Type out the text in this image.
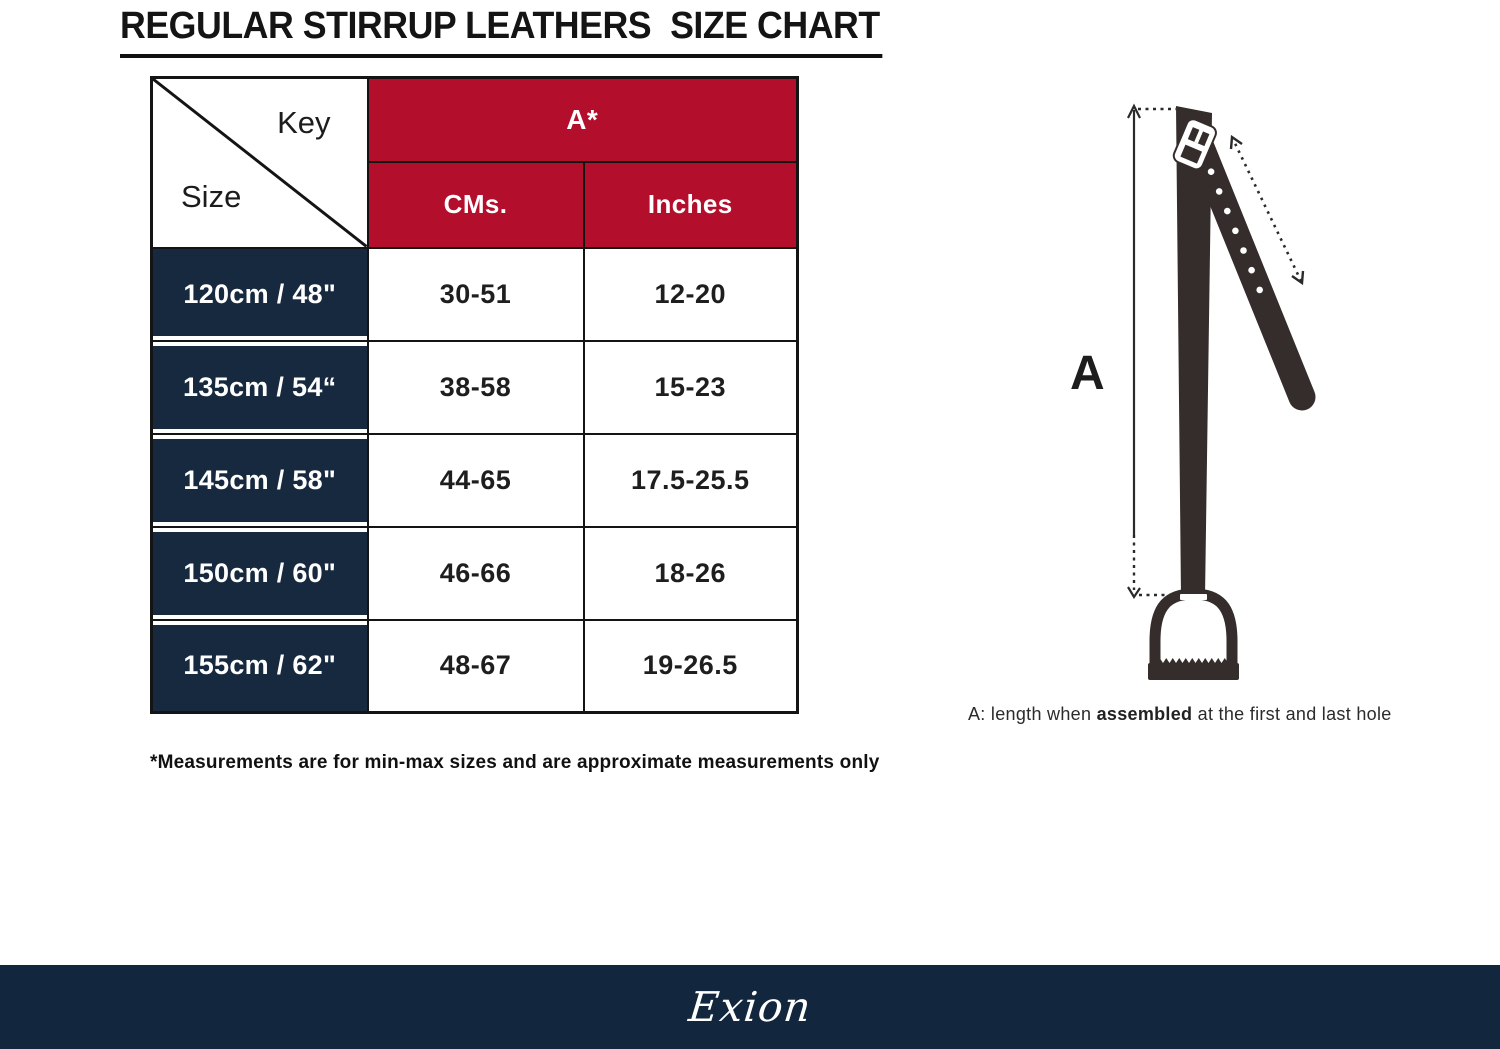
REGULAR STIRRUP LEATHERS  SIZE CHART
Key
Size	A*	
	CMs.	Inches
120cm / 48"	30-51	12-20
135cm / 54“	38-58	15-23
145cm / 58"	44-65	17.5-25.5
150cm / 60"	46-66	18-26
155cm / 62"	48-67	19-26.5
*Measurements are for min-max sizes and are approximate measurements only
A
A: length when assembled at the first and last hole
Exion
